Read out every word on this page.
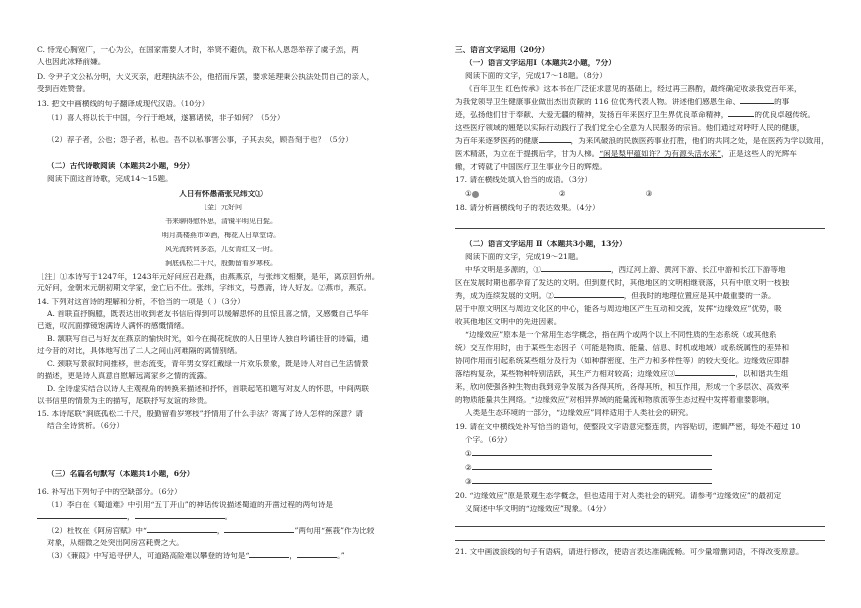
C. 恃宠心胸宽广，一心为公，在国家需要人才时，举贤不避仇，敌下私人恩怨举荐了虞子羔，两
人也因此冰释前嫌。
D. 令尹子文公私分明，大义灭亲，赶理执法不公，他招而斥罢，要求延理秉公执法处罚自己的亲人，
受到百姓赞誉。
13. 把文中画横线的句子翻译成现代汉语。（10分）
（1）喜人将以长于中国，今行于绝域，遂篡诸侯，非子如何？（5分）
（2）荐子者，公也；怨子者，私也。吾不以私事害公事，子其去矣，顾吾刻于也？（5分）
（二）古代诗歌阅读（本题共2小题，9分）
阅读下面这首诗歌，完成14～15题。
人日有怀愚斋张兄纬文①
［金］元好问
书来聊得慰怀思，清镜平明见白髭。
明月高楼燕市②酒，梅花人日草堂诗。
风光流转何多态，儿女青红又一时。
涧底孤松二千尺，殷勤留看岁寒枝。
［注］①本诗写于1247年，1243年元好问应召赴燕，由燕燕京，与张纬文相聚，是年，离京回忻州。
元好问，金朝末元朝初期文学家，金亡后不仕。张纬，字纬文，号愚斋，诗人好友。②燕市，燕京。
14. 下列对这首诗的理解和分析，不恰当的一项是（ ）（3分）
A. 首联直抒胸臆，既表达出收到老友书信后得到可以缓解思怀的且惊且喜之情，又感慨自己华年
已逝，叹沉面撑镜饱满诗人满怀的感慨情绪。
B. 颔联写自己与好友在燕京的愉快时光，如今在揭花绽放的人日里诗人独自吟诵往昔的诗篇，通
过今昔的对比，具体地写出了二人之间山河难隔的离情别绪。
C. 颈联写景叙时间推移，世态流变，青年男女穿红戴绿一片欢乐景象，既是诗人对自己生活情景
的描述，更是诗人真意自慰解远离家乡之情的流露。
D. 全诗虚实结合以诗人主观视角的转换来描述和抒怀，首联起笔扣题写对友人的怀思，中间两联
以书信里的情景为主的描写，尾联抒写友谊的珍贵。
15. 本诗尾联“涧底孤松二千尺，殷勤留看岁寒枝”抒情用了什么手法？寄寓了诗人怎样的深意？请
结合全诗赏析。（6分）
（三）名篇名句默写（本题共1小题，6分）
16. 补写出下列句子中的空缺部分。（6分）
（1）李白在《蜀道难》中引用“五丁开山”的神话传说描述蜀道的开凿过程的两句诗是
，	。
（2）杜牧在《阿房宫赋》中“	，	”两句用“蕉莪”作为比较
对象，从细微之处突出阿房宫耗费之大。
（3）《蒹葭》中写追寻伊人，可道路高险难以攀登的诗句是“	，	。”
三、语言文字运用（20分）
（一）语言文字运用Ⅰ（本题共2小题，7分）
阅读下面的文字，完成17～18题。（8分）
《百年卫生 红色传承》这本书在广泛征求意见的基础上，经过再三斟酌，最终确定收录我党百年来，
为我党领导卫生健康事业做出杰出贡献的 116 位优秀代表人物。讲述他们感恩生命、	的事
迹，弘扬他们甘于奉献、大爱无疆的精神，发扬百年来医疗卫生界优良革命精神，	的优良卓越传统。
这些医疗领域的翘楚以实际行动践行了我们党全心全意为人民服务的宗旨。他们通过对呼吁人民的健康，
为百年来逐梦医药的健康	，为来风破浪的民族医药事业打胜，他们的共同之处，是在医药为学以致用，
医术精湛，为立在于提携后学，甘为人梯。“闲是梨甲蕴如许？为有源头活水来”，正是这些人的光辉车
辙，才铸就了中国医疗卫生事业今日的辉煌。
17. 请在横线处填入恰当的成语。（3分）
①	②	③
18. 请分析画横线句子的表达效果。（4分）
（二）语言文字运用 Ⅱ（本题共3小题，13分）
阅读下面的文字，完成19～21题。
中华文明是多源的，①	，西辽河上游、黄河下游、长江中游和长江下游等地
区在发展时期也都孕育了发达的文明。但到夏代时，其他地区的文明相继衰落，只有中原文明一枝独
秀，成为连续发展的文明。②	，但我时的地理位置应是其中最重要的一条。
居于中原文明区与周边文化区的中心，能各与周边地区产生互动和交流，发挥“边缘效应”优势，吸
收其他地区文明中的先进因素。
“边缘效应”原本是一个常用生态学概念，指在两个或两个以上不同性质的生态系统（或其他系
统）交互作用时，由于某些生态因子（可能是物质、能量、信息、时机或地域）或系统属性的差异和
协同作用而引起系统某些组分及行为（如种群密度、生产力和多样性等）的较大变化。边缘效应即群
落结构复杂，某些物种特别活跃，其生产力相对较高；边缘效应③	，以和谐共生组
来，欣向使强各种生物由我到竞争发展为各得其所，各得其所，和互作用，形成一个多层次、高效率
的物质能量共生网络。“边缘效应”对相异界域的能量流和物质流等生态过程中发挥着重要影响。
人类是生态环境的一部分，“边缘效应”同样适用于人类社会的研究。
19. 请在文中横线处补写恰当的语句，使整段文字语意完整连贯，内容贴切，逻辑严密，每处不超过 10
个字。（6分）
①
②
③
20. “边缘效应”原是景观生态学概念，但也适用于对人类社会的研究。请参考“边缘效应”的最初定
义简述中华文明的“边缘效应”现象。（4分）
21. 文中画波浪线的句子有语病，请进行修改，使语言表达准确流畅。可少量增删词语，不得改变原意。
